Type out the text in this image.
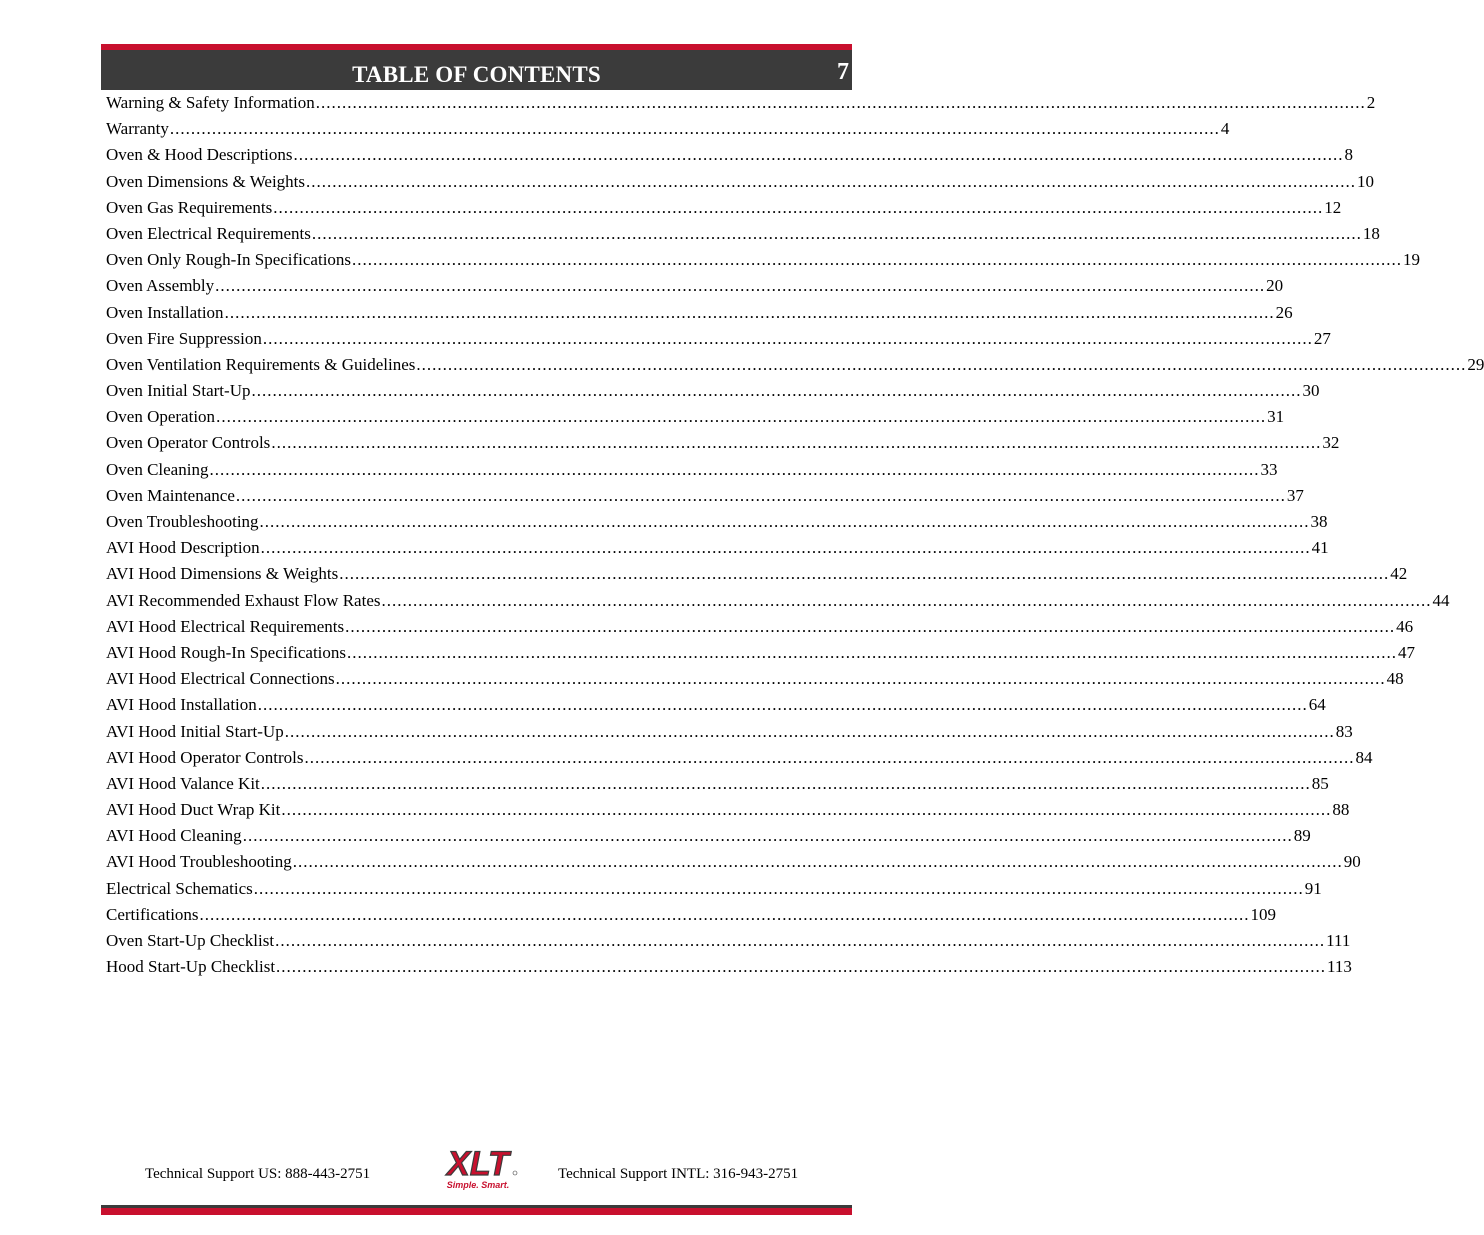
TABLE OF CONTENTS	7
Warning & Safety Information ........................................................................................................................................................................................................ 2
Warranty ........................................................................................................................................................................................................ 4
Oven & Hood Descriptions ........................................................................................................................................................................................................ 8
Oven Dimensions & Weights ........................................................................................................................................................................................................ 10
Oven Gas Requirements ........................................................................................................................................................................................................ 12
Oven Electrical Requirements ........................................................................................................................................................................................................ 18
Oven Only Rough-In Specifications ........................................................................................................................................................................................................ 19
Oven Assembly ........................................................................................................................................................................................................ 20
Oven Installation ........................................................................................................................................................................................................ 26
Oven Fire Suppression ........................................................................................................................................................................................................ 27
Oven Ventilation Requirements & Guidelines ........................................................................................................................................................................................................ 29
Oven Initial Start-Up ........................................................................................................................................................................................................ 30
Oven Operation ........................................................................................................................................................................................................ 31
Oven Operator Controls ........................................................................................................................................................................................................ 32
Oven Cleaning ........................................................................................................................................................................................................ 33
Oven Maintenance ........................................................................................................................................................................................................ 37
Oven Troubleshooting ........................................................................................................................................................................................................ 38
AVI Hood Description ........................................................................................................................................................................................................ 41
AVI Hood Dimensions & Weights ........................................................................................................................................................................................................ 42
AVI Recommended Exhaust Flow Rates ........................................................................................................................................................................................................ 44
AVI Hood Electrical Requirements ........................................................................................................................................................................................................ 46
AVI Hood Rough-In Specifications ........................................................................................................................................................................................................ 47
AVI Hood Electrical Connections ........................................................................................................................................................................................................ 48
AVI Hood Installation ........................................................................................................................................................................................................ 64
AVI Hood Initial Start-Up ........................................................................................................................................................................................................ 83
AVI Hood Operator Controls ........................................................................................................................................................................................................ 84
AVI Hood Valance Kit ........................................................................................................................................................................................................ 85
AVI Hood Duct Wrap Kit ........................................................................................................................................................................................................ 88
AVI Hood Cleaning ........................................................................................................................................................................................................ 89
AVI Hood Troubleshooting ........................................................................................................................................................................................................ 90
Electrical Schematics ........................................................................................................................................................................................................ 91
Certifications ........................................................................................................................................................................................................ 109
Oven Start-Up Checklist ........................................................................................................................................................................................................ 111
Hood Start-Up Checklist ........................................................................................................................................................................................................ 113
Technical Support US: 888-443-2751 XLT
Simple. Smart.
Technical Support INTL: 316-943-2751
